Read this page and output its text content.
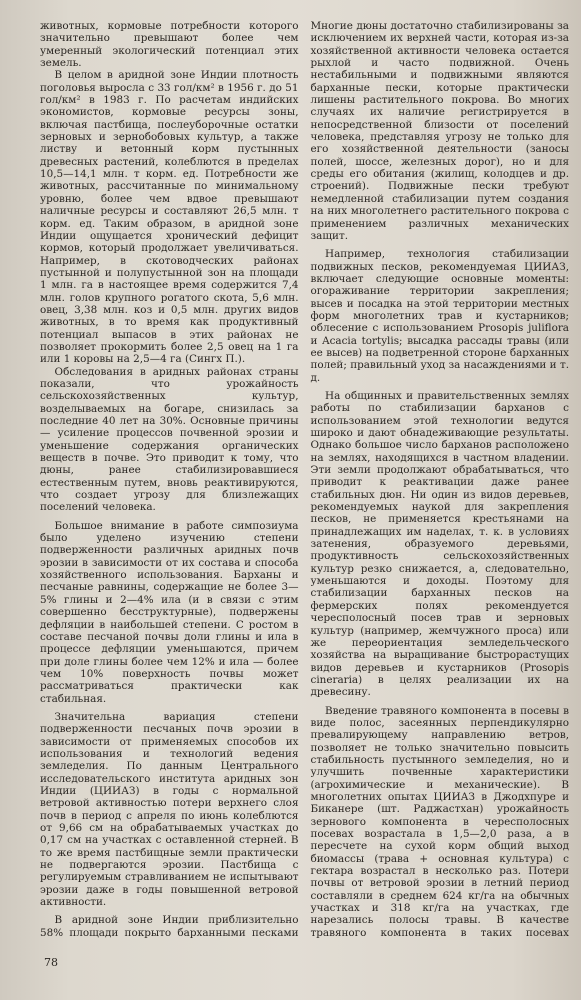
животных, кормовые потребности которого значительно превышают более чем умеренный экологический потенциал этих земель.

В целом в аридной зоне Индии плотность поголовья выросла с 33 гол/км² в 1956 г. до 51 гол/км² в 1983 г. По расчетам индийских экономистов, кормовые ресурсы зоны, включая пастбища, послеуборочные остатки зерновых и зернобобовых культур, а также листву и ветонный корм пустынных древесных растений, колеблются в пределах 10,5—14,1 млн. т корм. ед. Потребности же животных, рассчитанные по минимальному уровню, более чем вдвое превышают наличные ресурсы и составляют 26,5 млн. т корм. ед. Таким образом, в аридной зоне Индии ощущается хронический дефицит кормов, который продолжает увеличиваться. Например, в скотоводческих районах пустынной и полупустынной зон на площади 1 млн. га в настоящее время содержится 7,4 млн. голов крупного рогатого скота, 5,6 млн. овец, 3,38 млн. коз и 0,5 млн. других видов животных, в то время как продуктивный потенциал выпасов в этих районах не позволяет прокормить более 2,5 овец на 1 га или 1 коровы на 2,5—4 га (Сингх П.).

Обследования в аридных районах страны показали, что урожайность сельскохозяйственных культур, возделываемых на богаре, снизилась за последние 40 лет на 30%. Основные причины — усиление процессов почвенной эрозии и уменьшение содержания органических веществ в почве. Это приводит к тому, что дюны, ранее стабилизировавшиеся естественным путем, вновь реактивируются, что создает угрозу для близлежащих поселений человека.

Большое внимание в работе симпозиума было уделено изучению степени подверженности различных аридных почв эрозии в зависимости от их состава и способа хозяйственного использования. Барханы и песчаные равнины, содержащие не более 3—5% глины и 2—4% ила (и в связи с этим совершенно бесструктурные), подвержены дефляции в наибольшей степени. С ростом в составе песчаной почвы доли глины и ила в процессе дефляции уменьшаются, причем при доле глины более чем 12% и ила — более чем 10% поверхность почвы может рассматриваться практически как стабильная.

Значительна вариация степени подверженности песчаных почв эрозии в зависимости от применяемых способов их использования и технологий ведения земледелия. По данным Центрального исследовательского института аридных зон Индии (ЦИИАЗ) в годы с нормальной ветровой активностью потери верхнего слоя почв в период с апреля по июнь колеблются от 9,66 см на обрабатываемых участках до 0,17 см на участках с оставленной стерней. В то же время пастбищные земли практически не подвергаются эрозии. Пастбища с регулируемым стравливанием не испытывают эрозии даже в годы повышенной ветровой активности.

В аридной зоне Индии приблизительно 58% площади покрыто барханными песками

Многие дюны достаточно стабилизированы за исключением их верхней части, которая из-за хозяйственной активности человека остается рыхлой и часто подвижной. Очень нестабильными и подвижными являются барханные пески, которые практически лишены растительного покрова. Во многих случаях их наличие регистрируется в непосредственной близости от поселений человека, представляя угрозу не только для его хозяйственной деятельности (заносы полей, шоссе, железных дорог), но и для среды его обитания (жилищ, колодцев и др. строений). Подвижные пески требуют немедленной стабилизации путем создания на них многолетнего растительного покрова с применением различных механических защит.

Например, технология стабилизации подвижных песков, рекомендуемая ЦИИАЗ, включает следующие основные моменты: огораживание территории закрепления; высев и посадка на этой территории местных форм многолетних трав и кустарников; облесение с использованием Prosopis juliflora и Acacia tortylis; высадка рассады травы (или ее высев) на подветренной стороне барханных полей; правильный уход за насаждениями и т. д.

На общинных и правительственных землях работы по стабилизации барханов с использованием этой технологии ведутся широко и дают обнадеживающие результаты. Однако большое число барханов расположено на землях, находящихся в частном владении. Эти земли продолжают обрабатываться, что приводит к реактивации даже ранее стабильных дюн. Ни один из видов деревьев, рекомендуемых наукой для закрепления песков, не применяется крестьянами на принадлежащих им наделах, т. к. в условиях затенения, образуемого деревьями, продуктивность сельскохозяйственных культур резко снижается, а, следовательно, уменьшаются и доходы. Поэтому для стабилизации барханных песков на фермерских полях рекомендуется чересполосный посев трав и зерновых культур (например, жемчужного проса) или же переориентация земледельческого хозяйства на выращивание быстрорастущих видов деревьев и кустарников (Prosopis cineraria) в целях реализации их на древесину.

Введение травяного компонента в посевы в виде полос, засеянных перпендикулярно превалирующему направлению ветров, позволяет не только значительно повысить стабильность пустынного земледелия, но и улучшить почвенные характеристики (агрохимические и механические). В многолетних опытах ЦИИАЗ в Джодхпуре и Биканере (шт. Раджастхан) урожайность зернового компонента в чересполосных посевах возрастала в 1,5—2,0 раза, а в пересчете на сухой корм общий выход биомассы (трава + основная культура) с гектара возрастал в несколько раз. Потери почвы от ветровой эрозии в летний период составляли в среднем 624 кг/га на обычных участках и 318 кг/га на участках, где нарезались полосы травы. В качестве травяного компонента в таких посевах

78
